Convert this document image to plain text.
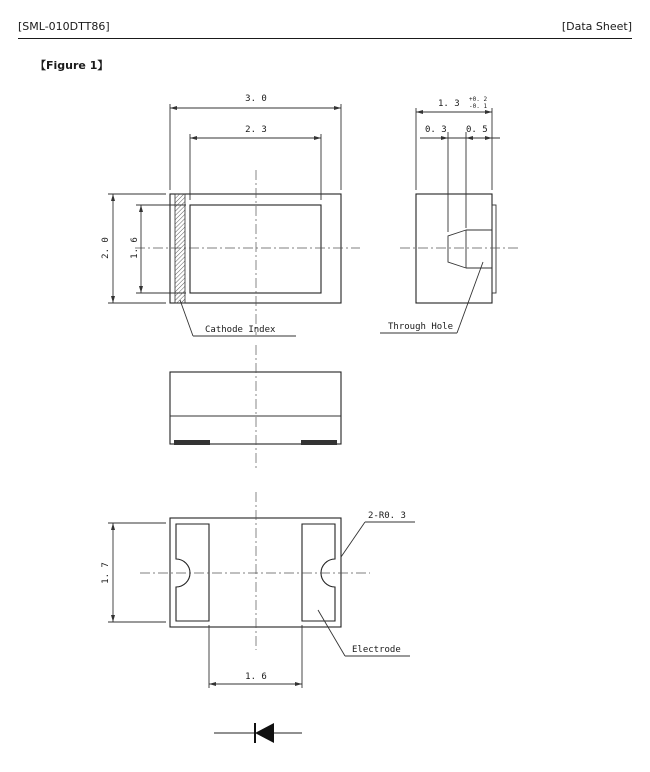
[SML-010DTT86]	[Data Sheet]
【Figure 1】
3. 0
2. 3
2. 0 1. 6
Cathode Index
1. 3 +0. 2
-0. 1
0. 3 0. 5
Through Hole
1. 7
1. 6
2-R0. 3
Electrode
